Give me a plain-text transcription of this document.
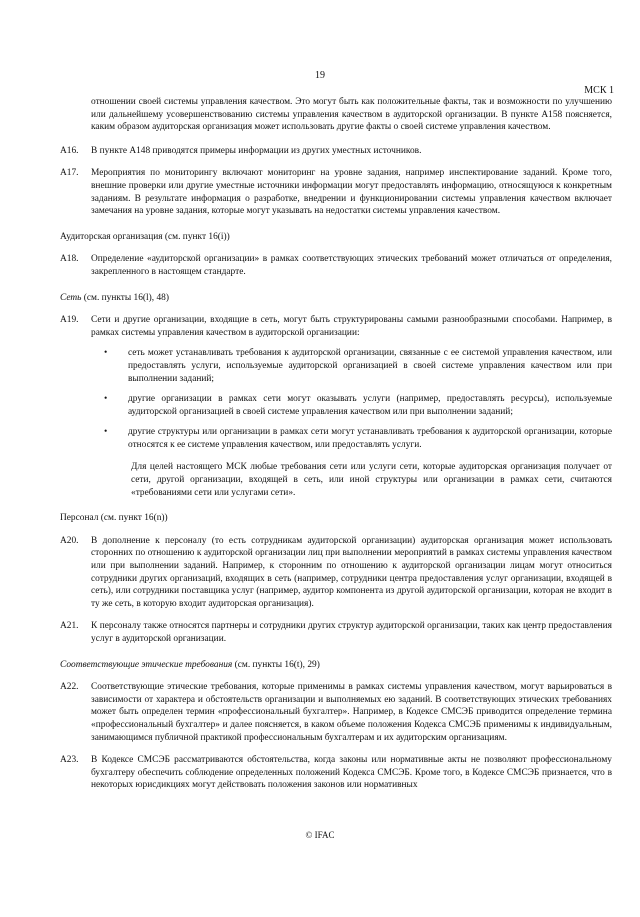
19
МСК 1

отношении своей системы управления качеством. Это могут быть как положительные факты, так и возможности по улучшению или дальнейшему усовершенствованию системы управления качеством в аудиторской организации. В пункте А158 поясняется, каким образом аудиторская организация может использовать другие факты о своей системе управления качеством.

A16. В пункте А148 приводятся примеры информации из других уместных источников.
A17. Мероприятия по мониторингу включают мониторинг на уровне задания, например инспектирование заданий. Кроме того, внешние проверки или другие уместные источники информации могут предоставлять информацию, относящуюся к конкретным заданиям. В результате информация о разработке, внедрении и функционировании системы управления качеством включает замечания на уровне задания, которые могут указывать на недостатки системы управления качеством.
Аудиторская организация (см. пункт 16(i))
A18. Определение «аудиторской организации» в рамках соответствующих этических требований может отличаться от определения, закрепленного в настоящем стандарте.
Сеть (см. пункты 16(l), 48)
A19. Сети и другие организации, входящие в сеть, могут быть структурированы самыми разнообразными способами. Например, в рамках системы управления качеством в аудиторской организации:
• сеть может устанавливать требования к аудиторской организации, связанные с ее системой управления качеством, или предоставлять услуги, используемые аудиторской организацией в своей системе управления качеством или при выполнении заданий;
• другие организации в рамках сети могут оказывать услуги (например, предоставлять ресурсы), используемые аудиторской организацией в своей системе управления качеством или при выполнении заданий;
• другие структуры или организации в рамках сети могут устанавливать требования к аудиторской организации, которые относятся к ее системе управления качеством, или предоставлять услуги.

Для целей настоящего МСК любые требования сети или услуги сети, которые аудиторская организация получает от сети, другой организации, входящей в сеть, или иной структуры или организации в рамках сети, считаются «требованиями сети или услугами сети».

Персонал (см. пункт 16(n))
A20. В дополнение к персоналу (то есть сотрудникам аудиторской организации) аудиторская организация может использовать сторонних по отношению к аудиторской организации лиц при выполнении мероприятий в рамках системы управления качеством или при выполнении заданий. Например, к сторонним по отношению к аудиторской организации лицам могут относиться сотрудники других организаций, входящих в сеть (например, сотрудники центра предоставления услуг организации, входящей в сеть), или сотрудники поставщика услуг (например, аудитор компонента из другой аудиторской организации, которая не входит в ту же сеть, в которую входит аудиторская организация).
A21. К персоналу также относятся партнеры и сотрудники других структур аудиторской организации, таких как центр предоставления услуг в аудиторской организации.
Соответствующие этические требования (см. пункты 16(t), 29)
A22. Соответствующие этические требования, которые применимы в рамках системы управления качеством, могут варьироваться в зависимости от характера и обстоятельств организации и выполняемых ею заданий. В соответствующих этических требованиях может быть определен термин «профессиональный бухгалтер». Например, в Кодексе СМСЭБ приводится определение термина «профессиональный бухгалтер» и далее поясняется, в каком объеме положения Кодекса СМСЭБ применимы к индивидуальным, занимающимся публичной практикой профессиональным бухгалтерам и их аудиторским организациям.
A23. В Кодексе СМСЭБ рассматриваются обстоятельства, когда законы или нормативные акты не позволяют профессиональному бухгалтеру обеспечить соблюдение определенных положений Кодекса СМСЭБ. Кроме того, в Кодексе СМСЭБ признается, что в некоторых юрисдикциях могут действовать положения законов или нормативных
© IFAC
